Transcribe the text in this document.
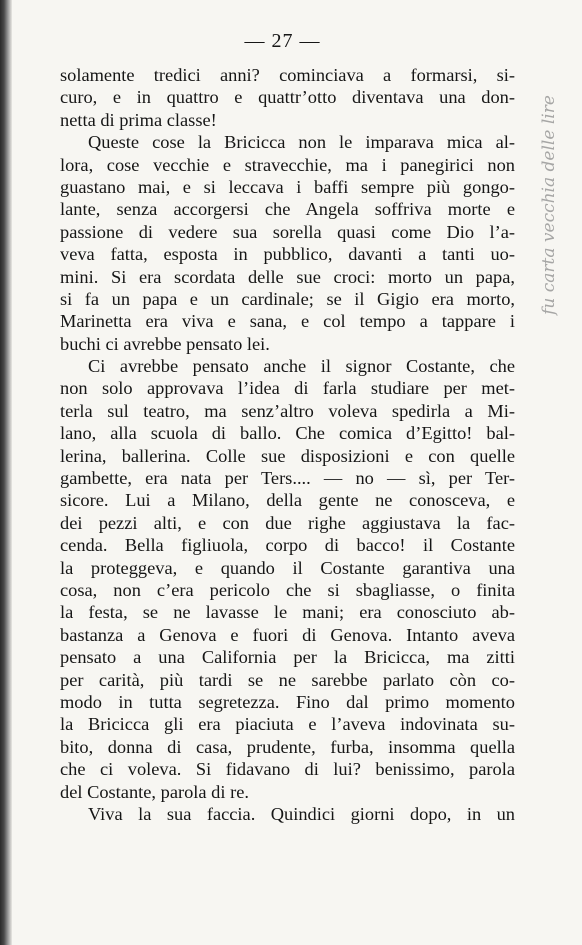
— 27 —
solamente tredici anni? cominciava a formarsi, si-
curo, e in quattro e quattr’otto diventava una don-
netta di prima classe!
Queste cose la Briciccа non le imparava mica al-
lora, cose vecchie e stravecchie, ma i panegirici non
guastano mai, e si leccava i baffi sempre più gongo-
lante, senza accorgersi che Angela soffriva morte e
passione di vedere sua sorella quasi come Dio l’a-
veva fatta, esposta in pubblico, davanti a tanti uo-
mini. Si era scordata delle sue croci: morto un papa,
si fa un papa e un cardinale; se il Gigio era morto,
Marinetta era viva e sana, e col tempo a tappare i
buchi ci avrebbe pensato lei.
Ci avrebbe pensato anche il signor Costante, che
non solo approvava l’idea di farla studiare per met-
terla sul teatro, ma senz’altro voleva spedirla a Mi-
lano, alla scuola di ballo. Che comica d’Egitto! bal-
lerina, ballerina. Colle sue disposizioni e con quelle
gambette, era nata per Ters.... — no — sì, per Ter-
sicore. Lui a Milano, della gente ne conosceva, e
dei pezzi alti, e con due righe aggiustava la fac-
cenda. Bella figliuola, corpo di bacco! il Costante
la proteggeva, e quando il Costante garantiva una
cosa, non c’era pericolo che si sbagliasse, o finita
la festa, se ne lavasse le mani; era conosciuto ab-
bastanza a Genova e fuori di Genova. Intanto aveva
pensato a una California per la Briciccа, ma zitti
per carità, più tardi se ne sarebbe parlato còn co-
modo in tutta segretezza. Fino dal primo momento
la Briciccа gli era piaciuta e l’aveva indovinata su-
bito, donna di casa, prudente, furba, insomma quella
che ci voleva. Si fidavano di lui? benissimo, parola
del Costante, parola di re.
Viva la sua faccia. Quindici giorni dopo, in un
fu carta vecchia delle lire
